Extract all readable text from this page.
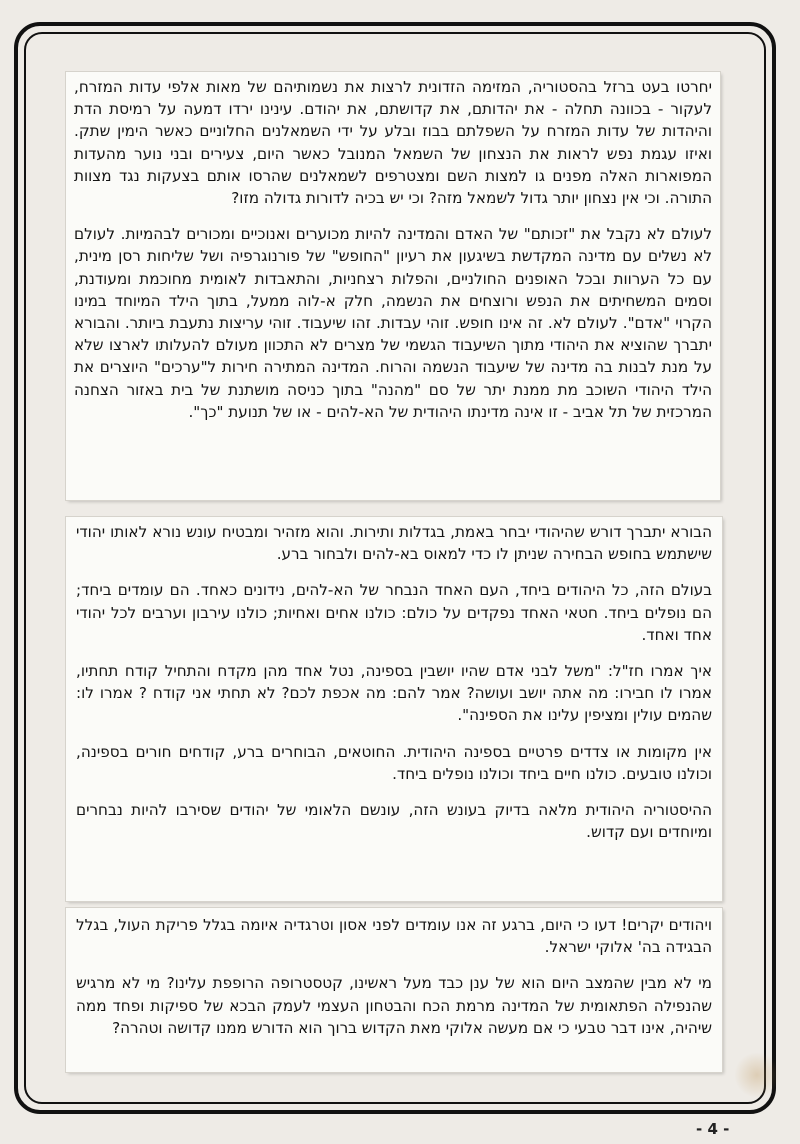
יחרטו בעט ברזל בהסטוריה, המזימה הזדונית לרצות את נשמותיהם של מאות אלפי עדות המזרח, לעקור - בכוונה תחלה - את יהדותם, את קדושתם, את יהודם. עינינו ירדו דמעה על רמיסת הדת והיהדות של עדות המזרח על השפלתם בבוז ובלע על ידי השמאלנים החלוניים כאשר הימין שתק. ואיזו עגמת נפש לראות את הנצחון של השמאל המנובל כאשר היום, צעירים ובני נוער מהעדות המפוארות האלה מפנים גו למצות השם ומצטרפים לשמאלנים שהרסו אותם בצעקות נגד מצוות התורה. וכי אין נצחון יותר גדול לשמאל מזה? וכי יש בכיה לדורות גדולה מזו?

לעולם לא נקבל את "זכותם" של האדם והמדינה להיות מכוערים ואנוכיים ומכורים לבהמיות. לעולם לא נשלים עם מדינה המקדשת בשיגעון את רעיון "החופש" של פורנוגרפיה ושל שליחות רסן מינית, עם כל הערוות ובכל האופנים החולניים, והפלות רצחניות, והתאבדות לאומית מחוכמת ומעודנת, וסמים המשחיתים את הנפש ורוצחים את הנשמה, חלק א-לוה ממעל, בתוך הילד המיוחד במינו הקרוי "אדם". לעולם לא. זה אינו חופש. זוהי עבדות. זהו שיעבוד. זוהי עריצות נתעבת ביותר. והבורא יתברך שהוציא את היהודי מתוך השיעבוד הגשמי של מצרים לא התכוון מעולם להעלותו לארצו שלא על מנת לבנות בה מדינה של שיעבוד הנשמה והרוח. המדינה המתירה חירות ל"ערכים" היוצרים את הילד היהודי השוכב מת ממנת יתר של סם "מהנה" בתוך כניסה מושתנת של בית באזור הצחנה המרכזית של תל אביב - זו אינה מדינתו היהודית של הא-להים - או של תנועת "כך".

הבורא יתברך דורש שהיהודי יבחר באמת, בגדלות ותירות. והוא מזהיר ומבטיח עונש נורא לאותו יהודי שישתמש בחופש הבחירה שניתן לו כדי למאוס בא-להים ולבחור ברע.

בעולם הזה, כל היהודים ביחד, העם האחד הנבחר של הא-להים, נידונים כאחד. הם עומדים ביחד; הם נופלים ביחד. חטאי האחד נפקדים על כולם: כולנו אחים ואחיות; כולנו עירבון וערבים לכל יהודי אחד ואחד.

איך אמרו חז"ל: "משל לבני אדם שהיו יושבין בספינה, נטל אחד מהן מקדח והתחיל קודח תחתיו, אמרו לו חבירו: מה אתה יושב ועושה? אמר להם: מה אכפת לכם? לא תחתי אני קודח ? אמרו לו: שהמים עולין ומציפין עלינו את הספינה".

אין מקומות או צדדים פרטיים בספינה היהודית. החוטאים, הבוחרים ברע, קודחים חורים בספינה, וכולנו טובעים. כולנו חיים ביחד וכולנו נופלים ביחד.

ההיסטוריה היהודית מלאה בדיוק בעונש הזה, עונשם הלאומי של יהודים שסירבו להיות נבחרים ומיוחדים ועם קדוש.

ויהודים יקרים! דעו כי היום, ברגע זה אנו עומדים לפני אסון וטרגדיה איומה בגלל פריקת העול, בגלל הבגידה בה' אלוקי ישראל.

מי לא מבין שהמצב היום הוא של ענן כבד מעל ראשינו, קטסטרופה הרופפת עלינו? מי לא מרגיש שהנפילה הפתאומית של המדינה מרמת הכח והבטחון העצמי לעמק הבכא של ספיקות ופחד ממה שיהיה, אינו דבר טבעי כי אם מעשה אלוקי מאת הקדוש ברוך הוא הדורש ממנו קדושה וטהרה?

- 4 -
